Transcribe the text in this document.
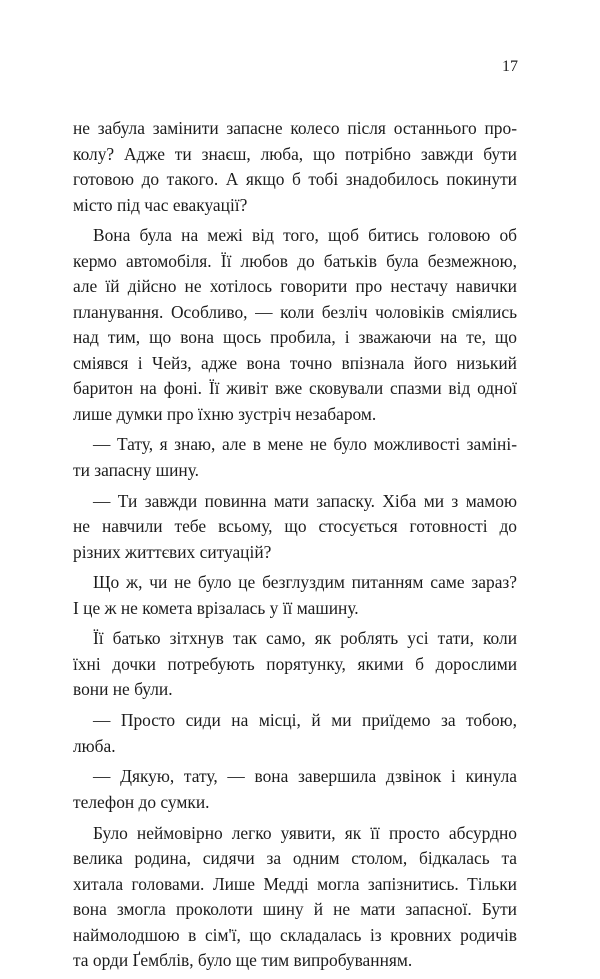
17
не забула замінити запасне колесо після останнього про-
колу? Адже ти знаєш, люба, що потрібно завжди бути
готовою до такого. А якщо б тобі знадобилось покинути
місто під час евакуації?
Вона була на межі від того, щоб битись головою об
кермо автомобіля. Її любов до батьків була безмежною,
але їй дійсно не хотілось говорити про нестачу навички
планування. Особливо, — коли безліч чоловіків сміялись
над тим, що вона щось пробила, і зважаючи на те, що
сміявся і Чейз, адже вона точно впізнала його низький
баритон на фоні. Її живіт вже сковували спазми від одної
лише думки про їхню зустріч незабаром.
— Тату, я знаю, але в мене не було можливості заміні-
ти запасну шину.
— Ти завжди повинна мати запаску. Хіба ми з мамою
не навчили тебе всьому, що стосується готовності до
різних життєвих ситуацій?
Що ж, чи не було це безглуздим питанням саме зараз?
І це ж не комета врізалась у її машину.
Її батько зітхнув так само, як роблять усі тати, коли
їхні дочки потребують порятунку, якими б дорослими
вони не були.
— Просто сиди на місці, й ми приїдемо за тобою,
люба.
— Дякую, тату, — вона завершила дзвінок і кинула
телефон до сумки.
Було неймовірно легко уявити, як її просто абсурдно
велика родина, сидячи за одним столом, бідкалась та
хитала головами. Лише Медді могла запізнитись. Тільки
вона змогла проколоти шину й не мати запасної. Бути
наймолодшою в сім'ї, що складалась із кровних родичів
та орди Ґемблів, було ще тим випробуванням.
